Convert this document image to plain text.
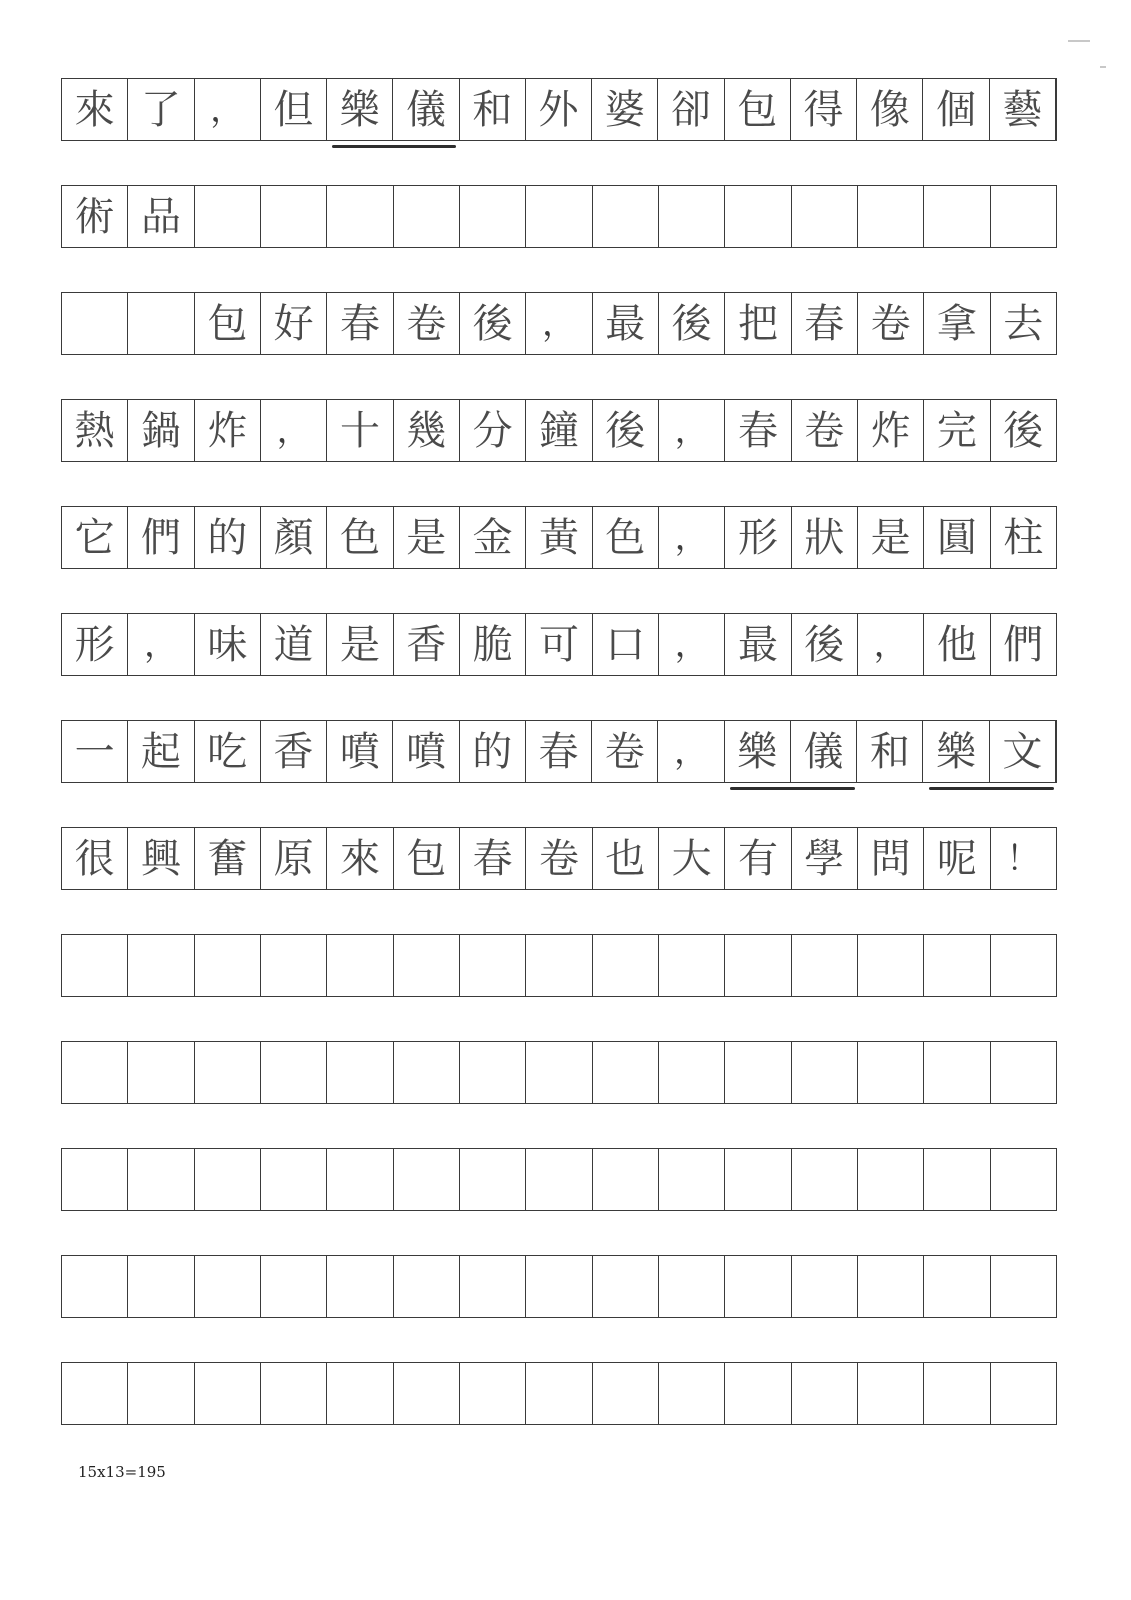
來 了 ， 但 樂 儀 和 外 婆 卻 包 得 像 個 藝
術 品
包 好 春 卷 後 ， 最 後 把 春 卷 拿 去
熱 鍋 炸 ， 十 幾 分 鐘 後 ， 春 卷 炸 完 後
它 們 的 顏 色 是 金 黃 色 ， 形 狀 是 圓 柱
形 ， 味 道 是 香 脆 可 口 ， 最 後 ， 他 們
一 起 吃 香 噴 噴 的 春 卷 ， 樂 儀 和 樂 文
很 興 奮 原 來 包 春 卷 也 大 有 學 問 呢 ！
15x13=195
